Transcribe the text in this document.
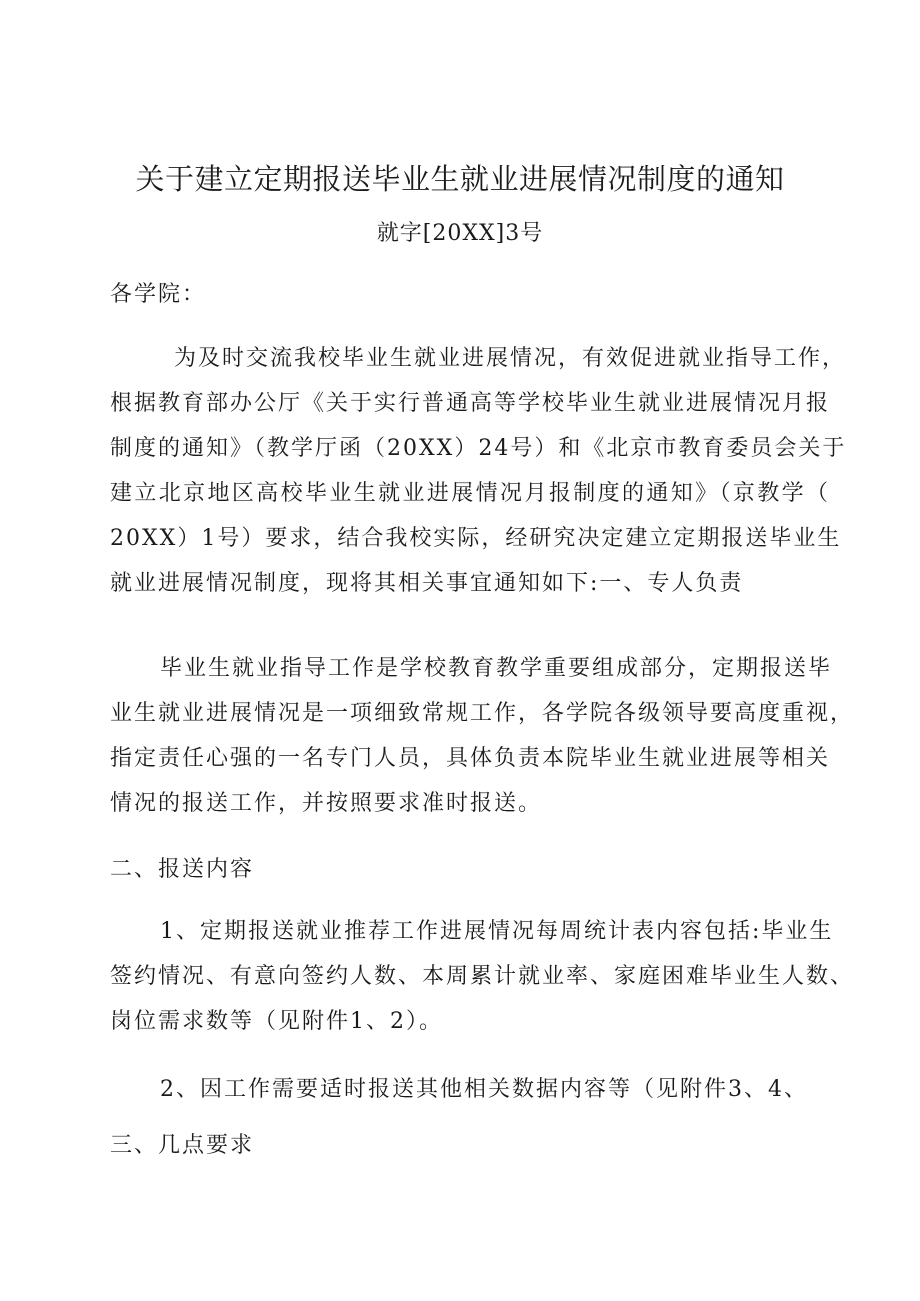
关于建立定期报送毕业生就业进展情况制度的通知
就字[20XX]3号
各学院：
为及时交流我校毕业生就业进展情况，有效促进就业指导工作，
根据教育部办公厅《关于实行普通高等学校毕业生就业进展情况月报
制度的通知》（教学厅函（20XX）24号）和《北京市教育委员会关于
建立北京地区高校毕业生就业进展情况月报制度的通知》（京教学（
20XX）1号）要求，结合我校实际，经研究决定建立定期报送毕业生
就业进展情况制度，现将其相关事宜通知如下:一、专人负责
毕业生就业指导工作是学校教育教学重要组成部分，定期报送毕
业生就业进展情况是一项细致常规工作，各学院各级领导要高度重视，
指定责任心强的一名专门人员，具体负责本院毕业生就业进展等相关
情况的报送工作，并按照要求准时报送。
二、报送内容
1、定期报送就业推荐工作进展情况每周统计表内容包括:毕业生
签约情况、有意向签约人数、本周累计就业率、家庭困难毕业生人数、
岗位需求数等（见附件1、2）。
2、因工作需要适时报送其他相关数据内容等（见附件3、4、
三、几点要求
